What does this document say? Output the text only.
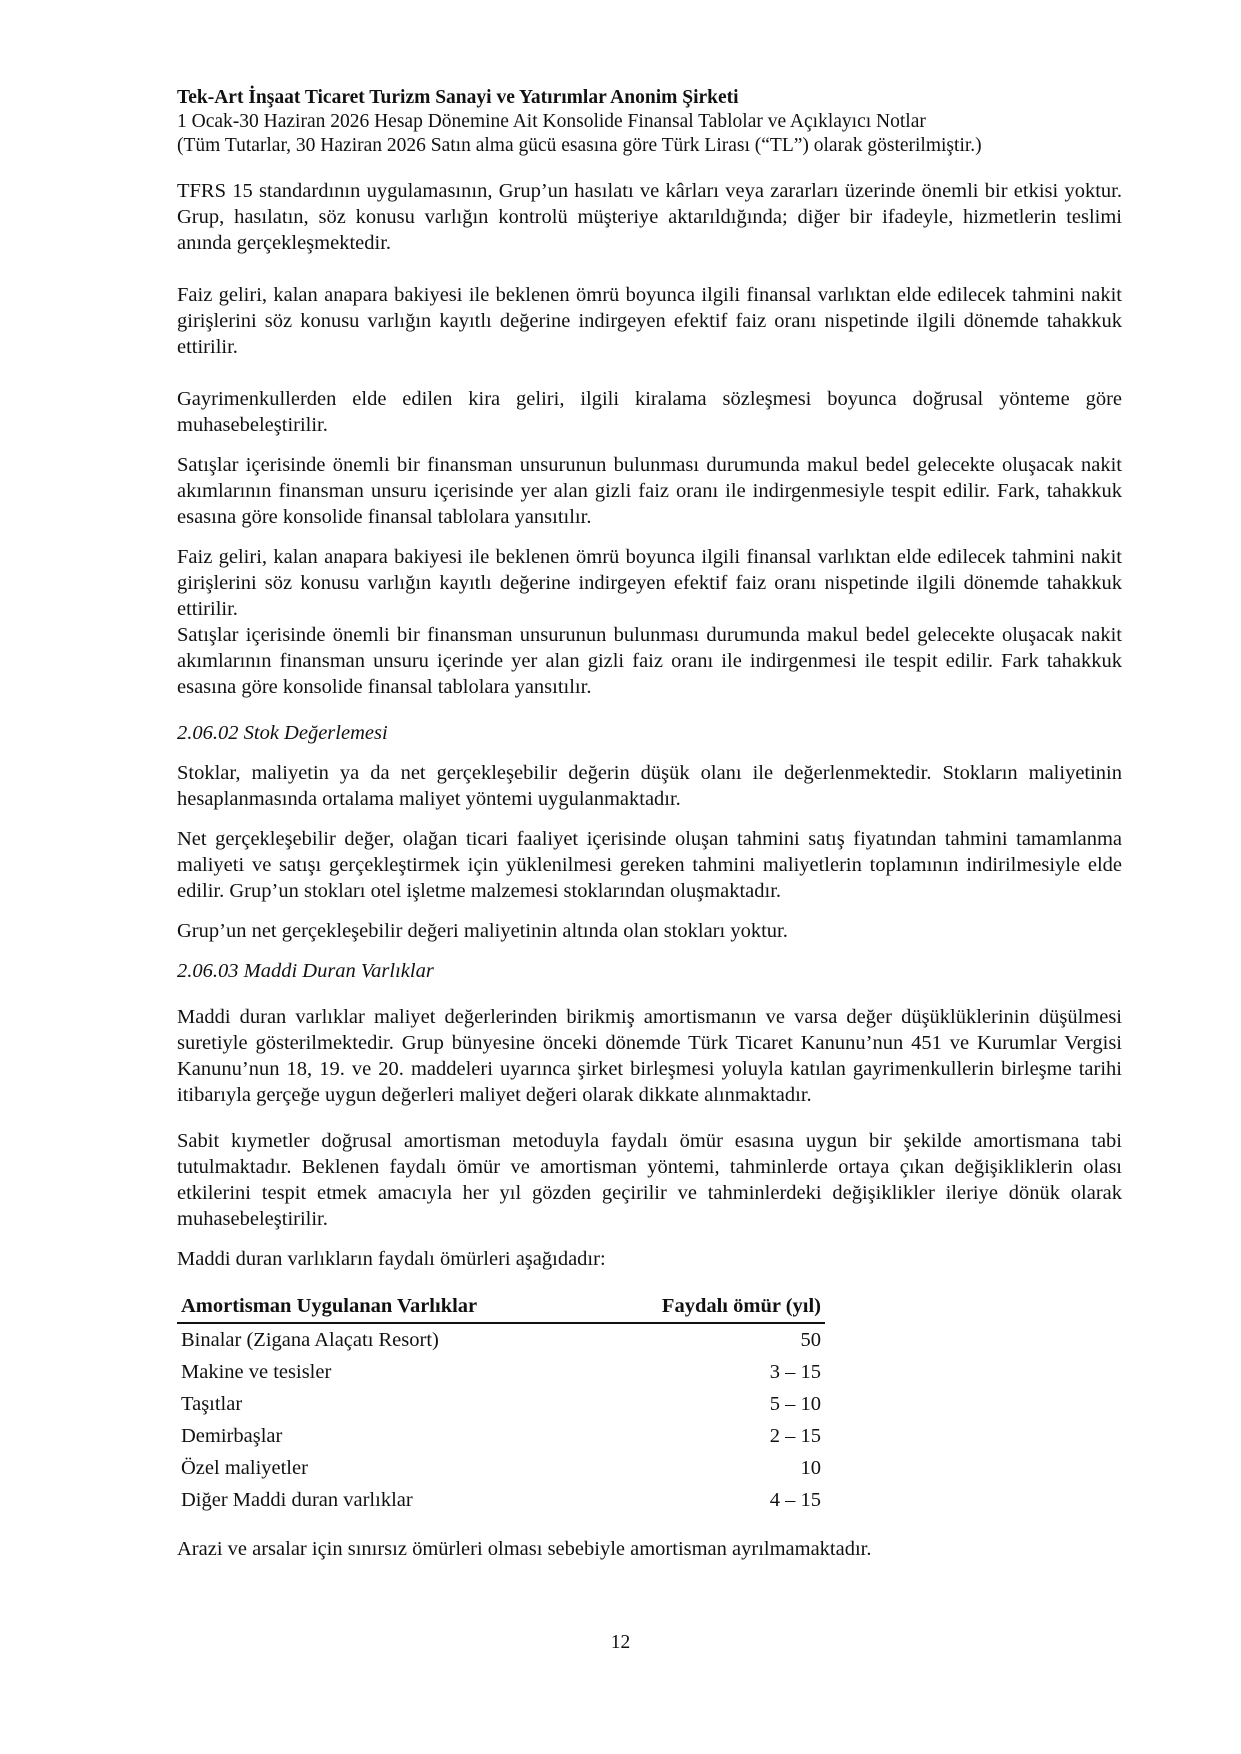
Tek-Art İnşaat Ticaret Turizm Sanayi ve Yatırımlar Anonim Şirketi
1 Ocak-30 Haziran 2026 Hesap Dönemine Ait Konsolide Finansal Tablolar ve Açıklayıcı Notlar
(Tüm Tutarlar, 30 Haziran 2026 Satın alma gücü esasına göre Türk Lirası (“TL”) olarak gösterilmiştir.)

TFRS 15 standardının uygulamasının, Grup’un hasılatı ve kârları veya zararları üzerinde önemli bir etkisi yoktur. Grup, hasılatın, söz konusu varlığın kontrolü müşteriye aktarıldığında; diğer bir ifadeyle, hizmetlerin teslimi anında gerçekleşmektedir.

Faiz geliri, kalan anapara bakiyesi ile beklenen ömrü boyunca ilgili finansal varlıktan elde edilecek tahmini nakit girişlerini söz konusu varlığın kayıtlı değerine indirgeyen efektif faiz oranı nispetinde ilgili dönemde tahakkuk ettirilir.

Gayrimenkullerden elde edilen kira geliri, ilgili kiralama sözleşmesi boyunca doğrusal yönteme göre muhasebeleştirilir.

Satışlar içerisinde önemli bir finansman unsurunun bulunması durumunda makul bedel gelecekte oluşacak nakit akımlarının finansman unsuru içerisinde yer alan gizli faiz oranı ile indirgenmesiyle tespit edilir. Fark, tahakkuk esasına göre konsolide finansal tablolara yansıtılır.

Faiz geliri, kalan anapara bakiyesi ile beklenen ömrü boyunca ilgili finansal varlıktan elde edilecek tahmini nakit girişlerini söz konusu varlığın kayıtlı değerine indirgeyen efektif faiz oranı nispetinde ilgili dönemde tahakkuk ettirilir.

Satışlar içerisinde önemli bir finansman unsurunun bulunması durumunda makul bedel gelecekte oluşacak nakit akımlarının finansman unsuru içerinde yer alan gizli faiz oranı ile indirgenmesi ile tespit edilir. Fark tahakkuk esasına göre konsolide finansal tablolara yansıtılır.

2.06.02 Stok Değerlemesi

Stoklar, maliyetin ya da net gerçekleşebilir değerin düşük olanı ile değerlenmektedir. Stokların maliyetinin hesaplanmasında ortalama maliyet yöntemi uygulanmaktadır.

Net gerçekleşebilir değer, olağan ticari faaliyet içerisinde oluşan tahmini satış fiyatından tahmini tamamlanma maliyeti ve satışı gerçekleştirmek için yüklenilmesi gereken tahmini maliyetlerin toplamının indirilmesiyle elde edilir. Grup’un stokları otel işletme malzemesi stoklarından oluşmaktadır.

Grup’un net gerçekleşebilir değeri maliyetinin altında olan stokları yoktur.

2.06.03 Maddi Duran Varlıklar

Maddi duran varlıklar maliyet değerlerinden birikmiş amortismanın ve varsa değer düşüklüklerinin düşülmesi suretiyle gösterilmektedir. Grup bünyesine önceki dönemde Türk Ticaret Kanunu’nun 451 ve Kurumlar Vergisi Kanunu’nun 18, 19. ve 20. maddeleri uyarınca şirket birleşmesi yoluyla katılan gayrimenkullerin birleşme tarihi itibarıyla gerçeğe uygun değerleri maliyet değeri olarak dikkate alınmaktadır.

Sabit kıymetler doğrusal amortisman metoduyla faydalı ömür esasına uygun bir şekilde amortismana tabi tutulmaktadır. Beklenen faydalı ömür ve amortisman yöntemi, tahminlerde ortaya çıkan değişikliklerin olası etkilerini tespit etmek amacıyla her yıl gözden geçirilir ve tahminlerdeki değişiklikler ileriye dönük olarak muhasebeleştirilir.

Maddi duran varlıkların faydalı ömürleri aşağıdadır:

Amortisman Uygulanan Varlıklar	Faydalı ömür (yıl)
Binalar (Zigana Alaçatı Resort)	50
Makine ve tesisler	3 – 15
Taşıtlar	5 – 10
Demirbaşlar	2 – 15
Özel maliyetler	10
Diğer Maddi duran varlıklar	4 – 15

Arazi ve arsalar için sınırsız ömürleri olması sebebiyle amortisman ayrılmamaktadır.

12
